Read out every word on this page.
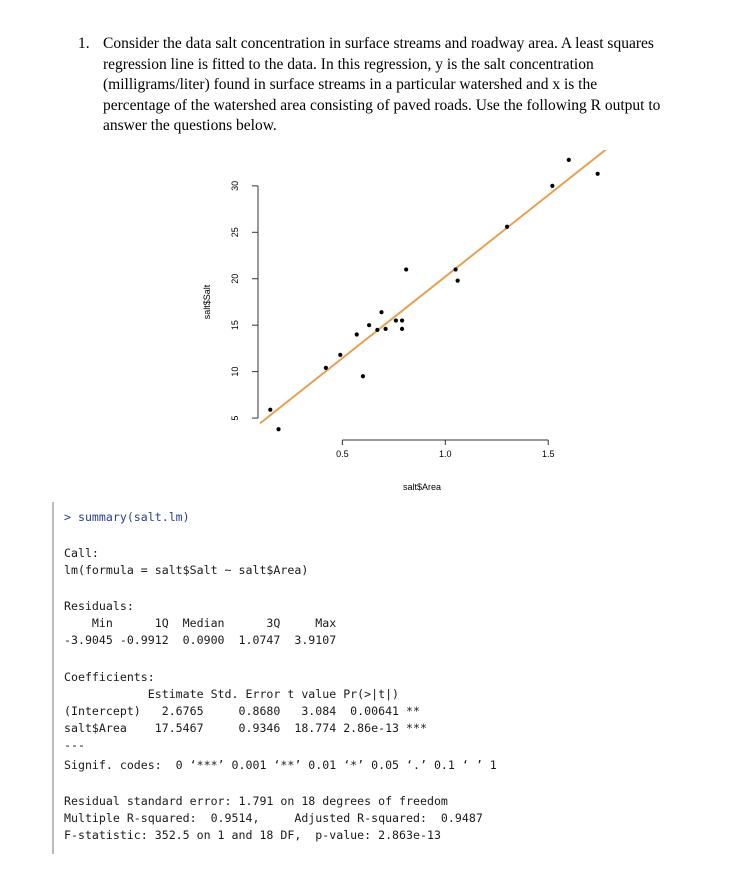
1. Consider the data salt concentration in surface streams and roadway area. A least squares
regression line is fitted to the data. In this regression, y is the salt concentration
(milligrams/liter) found in surface streams in a particular watershed and x is the
percentage of the watershed area consisting of paved roads. Use the following R output to
answer the questions below.
5
10
15
20
25
30
0.5	1.0	1.5
salt$Salt
salt$Area
> summary(salt.lm)
Call:
lm(formula = salt$Salt ~ salt$Area)
Residuals:
Min      1Q  Median      3Q     Max
-3.9045 -0.9912  0.0900  1.0747  3.9107
Coefficients:
Estimate Std. Error t value Pr(>|t|)
(Intercept)   2.6765     0.8680   3.084  0.00641 **
salt$Area    17.5467     0.9346  18.774 2.86e-13 ***
---
Signif. codes:  0 ‘***’ 0.001 ‘**’ 0.01 ‘*’ 0.05 ‘.’ 0.1 ‘ ’ 1
Residual standard error: 1.791 on 18 degrees of freedom
Multiple R-squared:  0.9514,     Adjusted R-squared:  0.9487
F-statistic: 352.5 on 1 and 18 DF,  p-value: 2.863e-13
